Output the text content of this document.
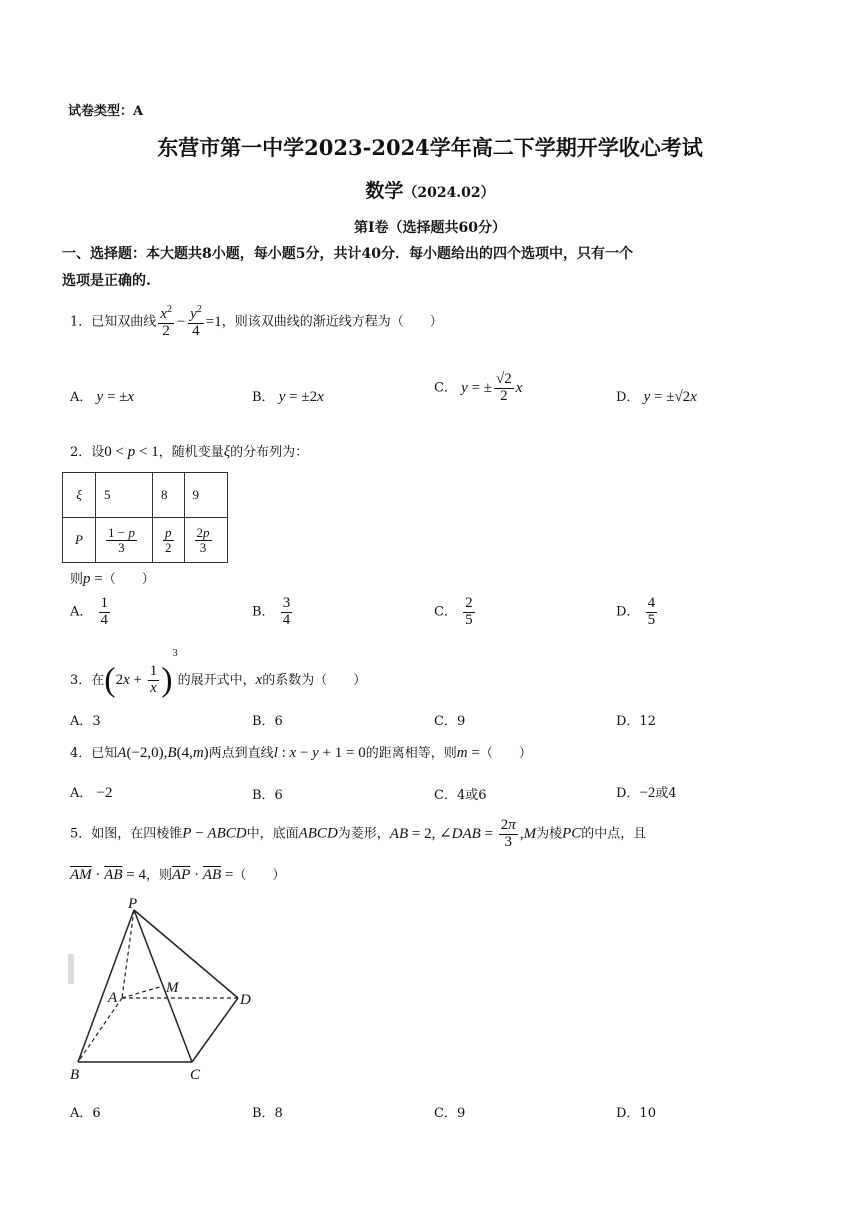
试卷类型：A
东营市第一中学2023-2024学年高二下学期开学收心考试
数学（2024.02）
第Ⅰ卷（选择题共60分）
一、选择题：本大题共8小题，每小题5分，共计40分．每小题给出的四个选项中，只有一个
选项是正确的.
1．已知双曲线 $\frac{x^2}{2} - \frac{y^2}{4} =1$，则该双曲线的渐近线方程为（　　）
A． y = ±x	B． y = ±2x
C． y = ± $\frac{√2}{2}$ x
D． y = ±√2x
2．设0 < p < 1，随机变量ξ的分布列为：
ξ	5	8	9
P	$\frac{1 - p}{3}$	$\frac{p}{2}$	$\frac{2p}{3}$
则p =（　　）
A． $\frac{1}{4}$	B． $\frac{3}{4}$	C． $\frac{2}{5}$	D． $\frac{4}{5}$
3．在$(2x + \frac{1}{x} )^3$的展开式中，x的系数为（　　）
A．3	B．6	C．9	D．12
4．已知A(−2,0),B(4,m)两点到直线l : x − y + 1 = 0的距离相等，则m =（　　）
A． −2	B．6	C．4或6	D．−2或4
5．如图，在四棱锥P − ABCD中，底面ABCD为菱形，AB = 2, ∠DAB = $\frac{2\pi}{3} ,M$为棱PC的中点，且
$\overline{AM} \cdot \overline{AB} = 4$，则$\overline{AP} \cdot \overline{AB}$ =（　　）
P
A
M
D
B	C
A．6	B．8	C．9	D．10
